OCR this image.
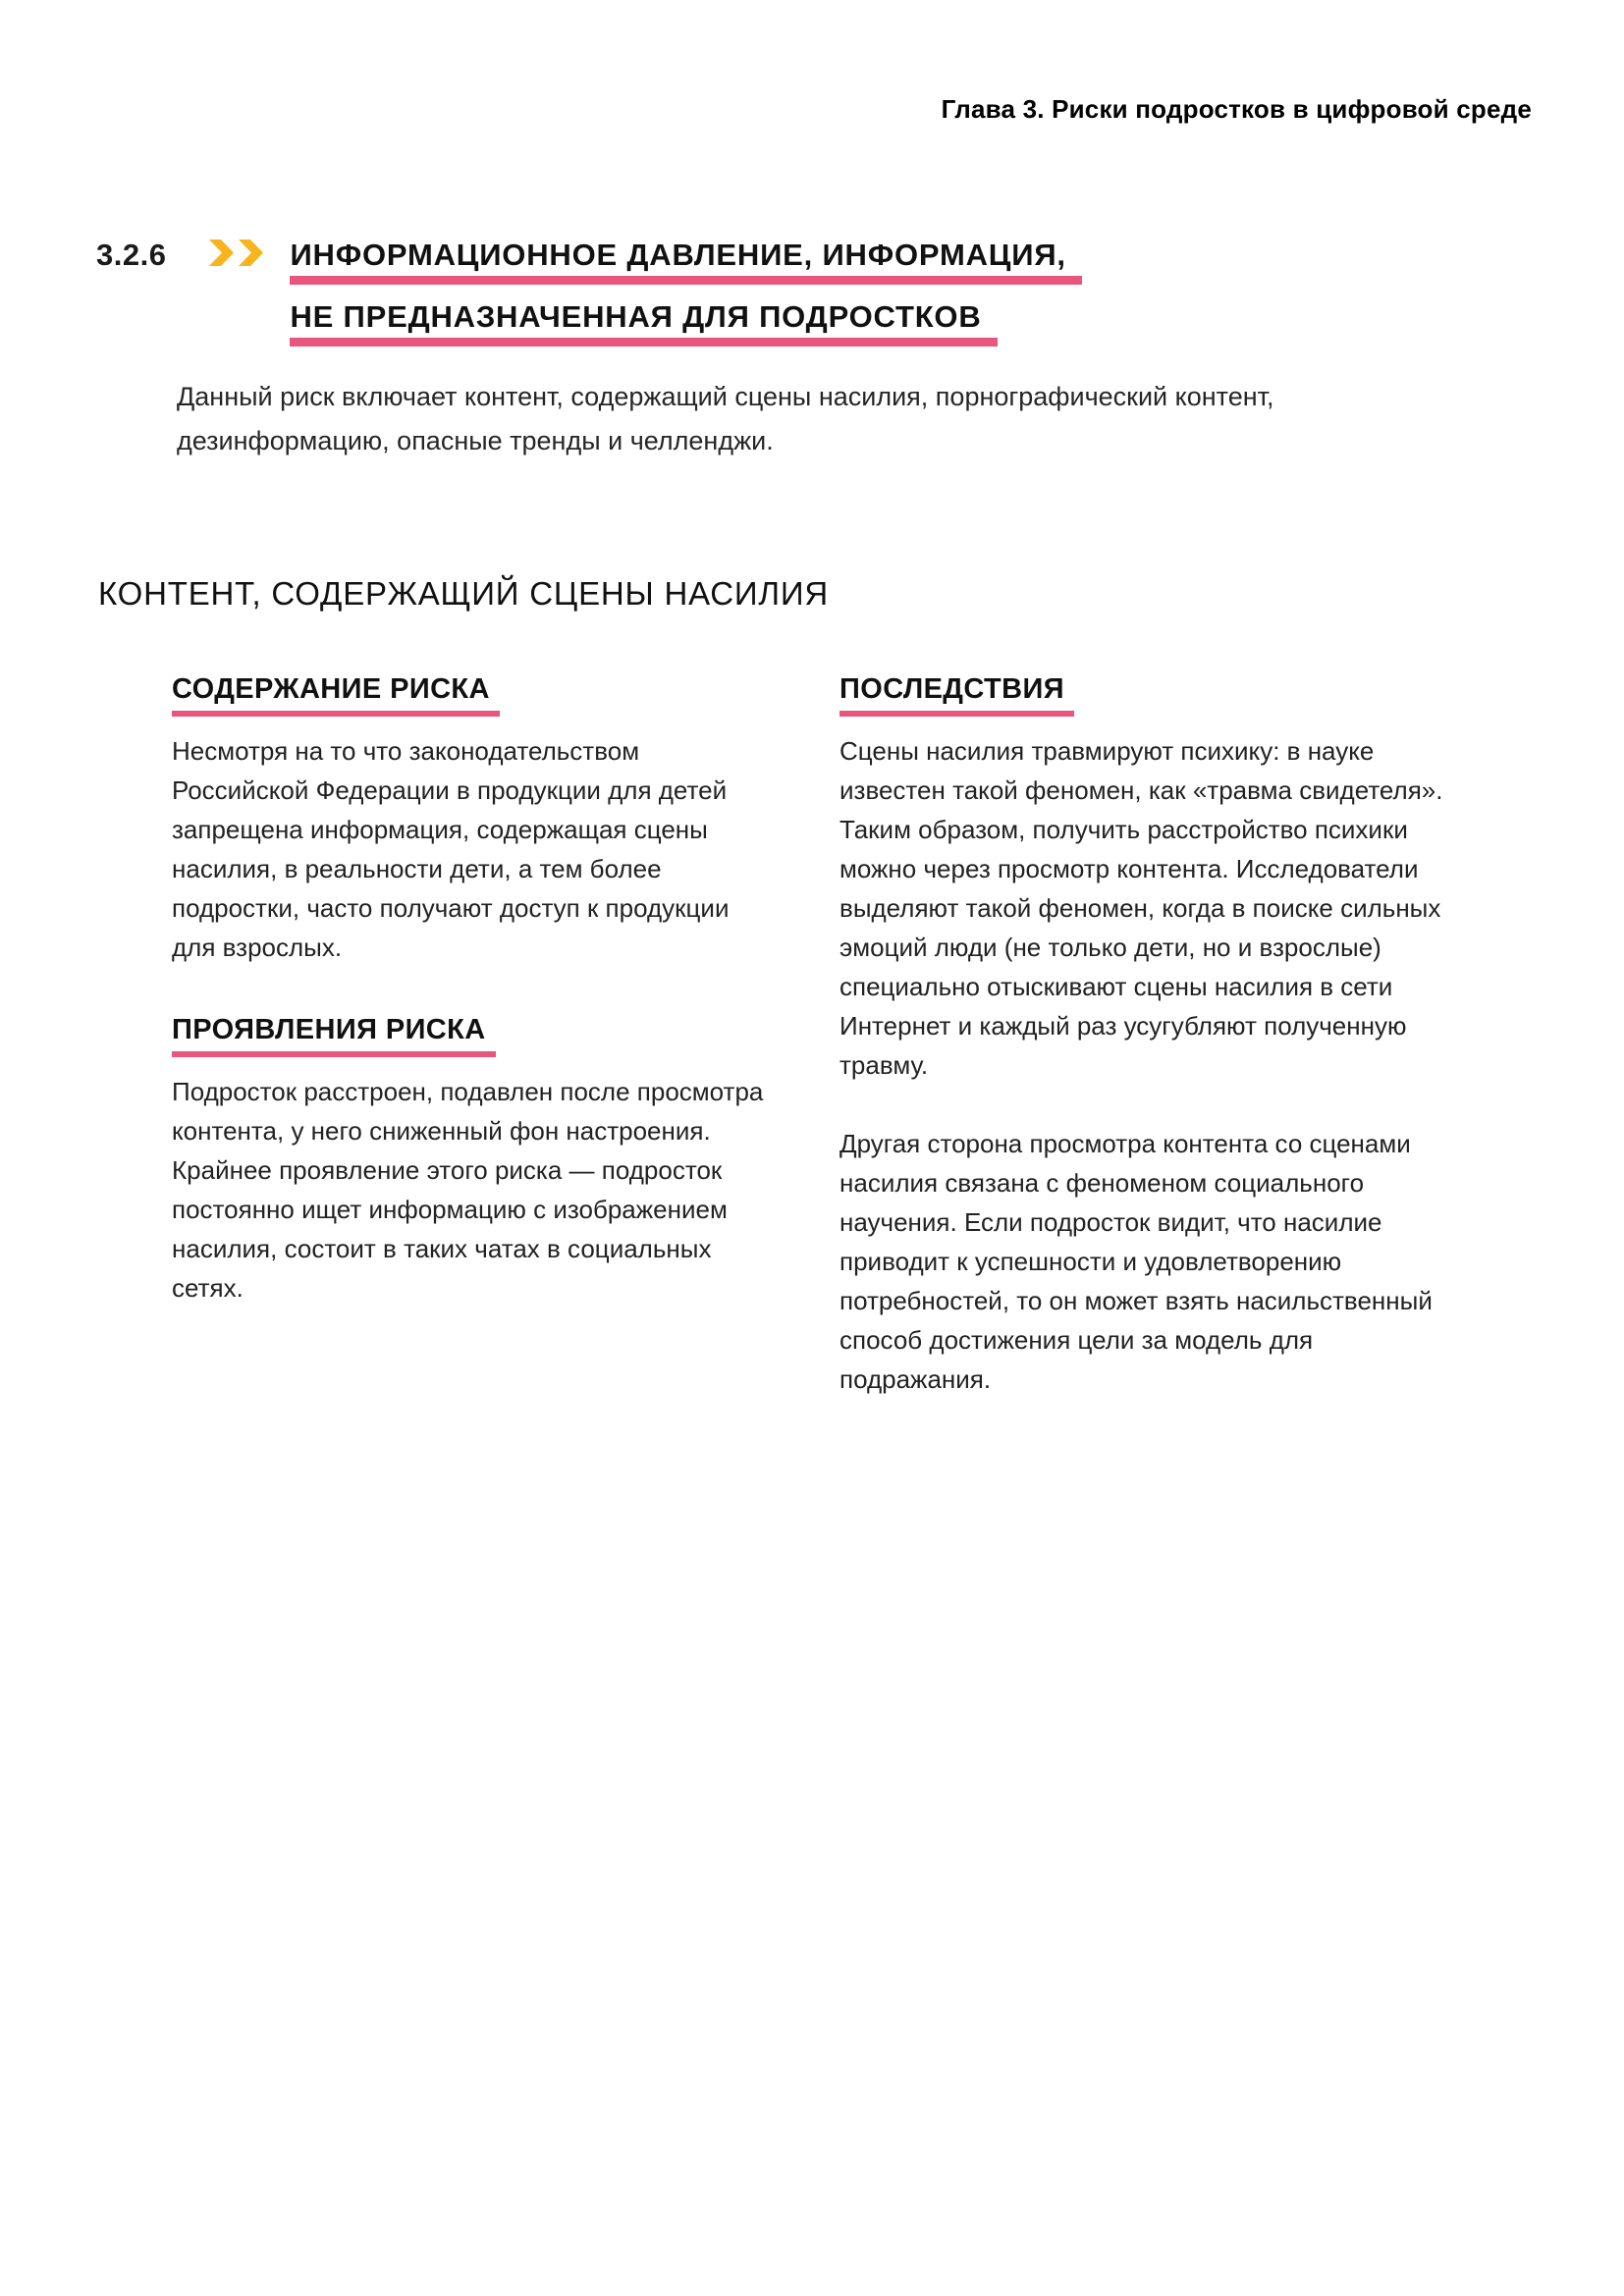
Глава 3. Риски подростков в цифровой среде
3.2.6	ИНФОРМАЦИОННОЕ ДАВЛЕНИЕ, ИНФОРМАЦИЯ,
НЕ ПРЕДНАЗНАЧЕННАЯ ДЛЯ ПОДРОСТКОВ
Данный риск включает контент, содержащий сцены насилия, порнографический контент, дезинформацию, опасные тренды и челленджи.
КОНТЕНТ, СОДЕРЖАЩИЙ СЦЕНЫ НАСИЛИЯ
СОДЕРЖАНИЕ РИСКА

Несмотря на то что законодательством Российской Федерации в продукции для детей запрещена информация, содержащая сцены насилия, в реальности дети, а тем более подростки, часто получают доступ к продукции для взрослых.

ПРОЯВЛЕНИЯ РИСКА

Подросток расстроен, подавлен после просмотра контента, у него сниженный фон настроения. Крайнее проявление этого риска — подросток постоянно ищет информацию с изображением насилия, состоит в таких чатах в социальных сетях.

ПОСЛЕДСТВИЯ

Сцены насилия травмируют психику: в науке известен такой феномен, как «травма свидетеля». Таким образом, получить расстройство психики можно через просмотр контента. Исследователи выделяют такой феномен, когда в поиске сильных эмоций люди (не только дети, но и взрослые) специально отыскивают сцены насилия в сети Интернет и каждый раз усугубляют полученную травму.

Другая сторона просмотра контента со сценами насилия связана с феноменом социального научения. Если подросток видит, что насилие приводит к успешности и удовлетворению потребностей, то он может взять насильственный способ достижения цели за модель для подражания.
